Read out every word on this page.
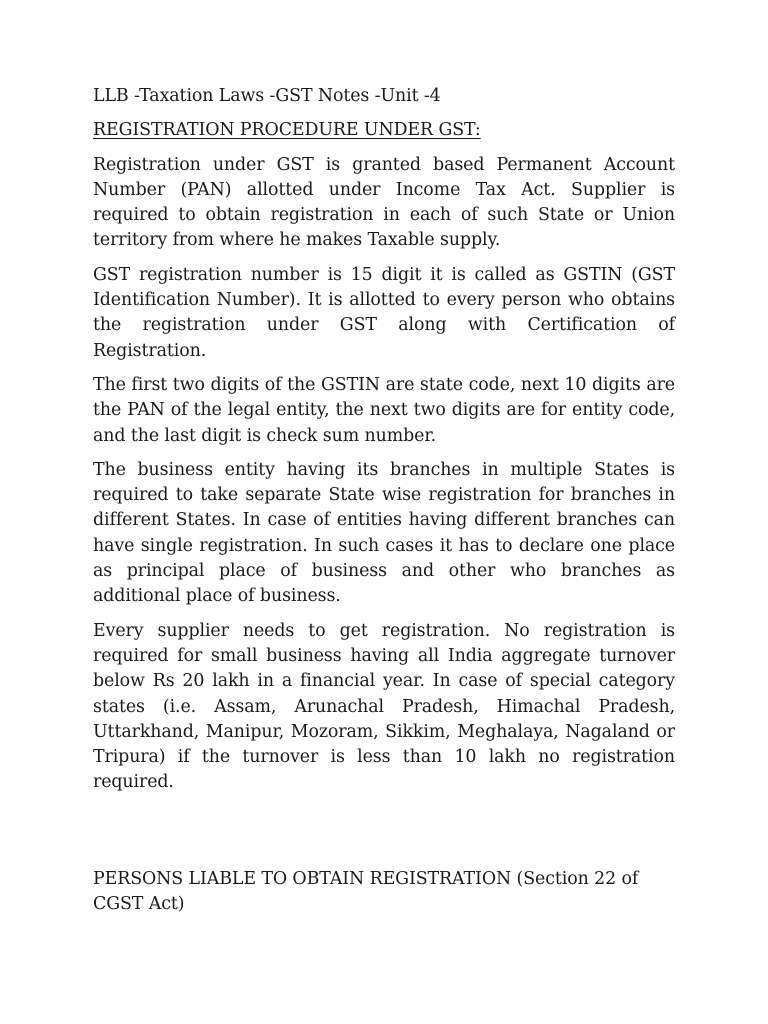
LLB -Taxation Laws -GST Notes -Unit -4

REGISTRATION PROCEDURE UNDER GST:

Registration under GST is granted based Permanent Account Number (PAN) allotted under Income Tax Act. Supplier is required to obtain registration in each of such State or Union territory from where he makes Taxable supply.

GST registration number is 15 digit it is called as GSTIN (GST Identification Number). It is allotted to every person who obtains the registration under GST along with Certification of Registration.

The first two digits of the GSTIN are state code, next 10 digits are the PAN of the legal entity, the next two digits are for entity code, and the last digit is check sum number.

The business entity having its branches in multiple States is required to take separate State wise registration for branches in different States. In case of entities having different branches can have single registration. In such cases it has to declare one place as principal place of business and other who branches as additional place of business.

Every supplier needs to get registration. No registration is required for small business having all India aggregate turnover below Rs 20 lakh in a financial year. In case of special category states (i.e. Assam, Arunachal Pradesh, Himachal Pradesh, Uttarkhand, Manipur, Mozoram, Sikkim, Meghalaya, Nagaland or Tripura) if the turnover is less than 10 lakh no registration required.

PERSONS LIABLE TO OBTAIN REGISTRATION (Section 22 of CGST Act)
